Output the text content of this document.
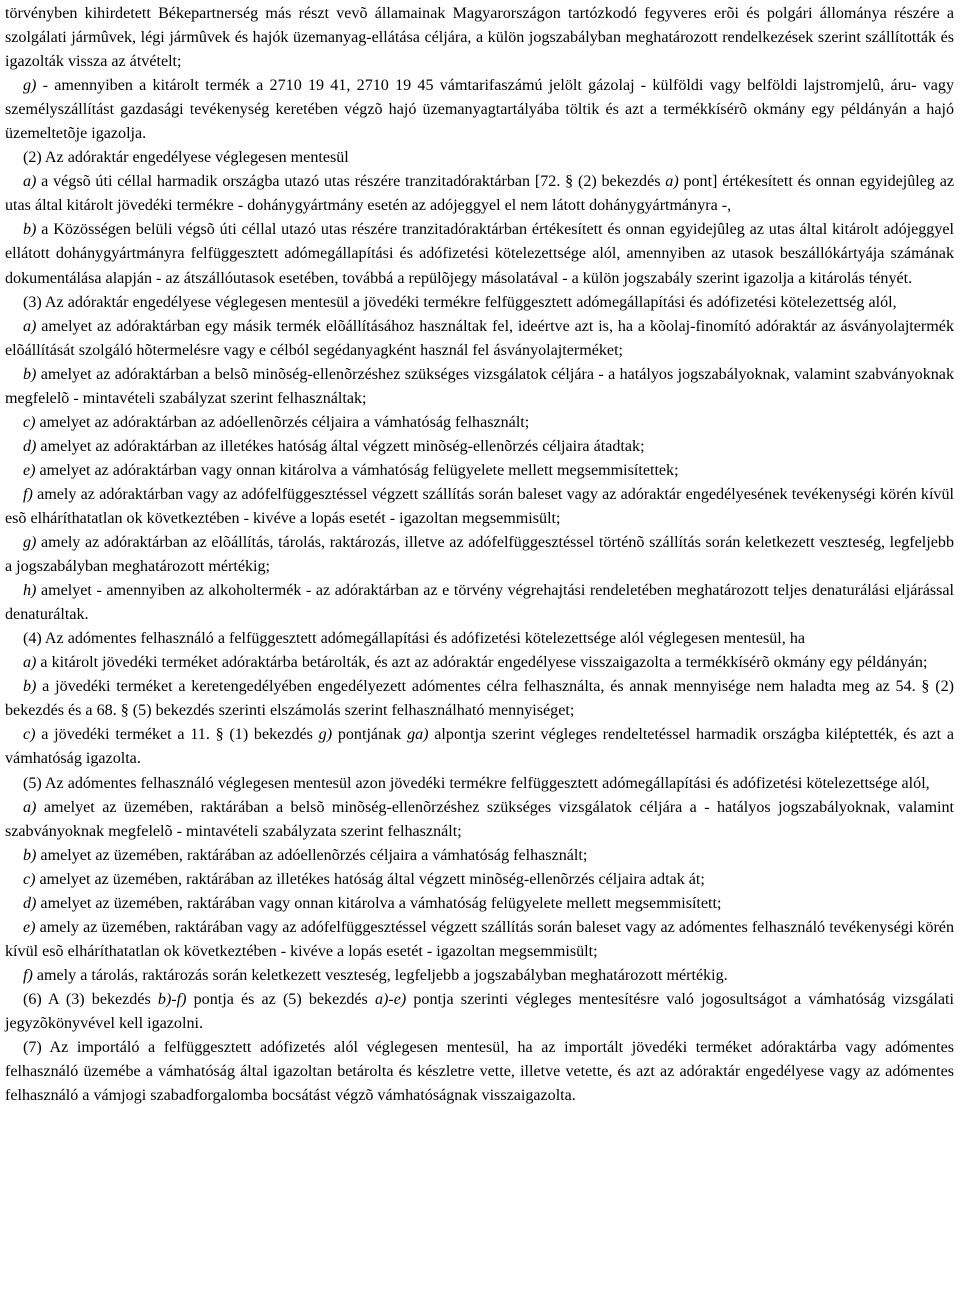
törvényben kihirdetett Békepartnerség más részt vevõ államainak Magyarországon tartózkodó fegyveres erõi és polgári állománya részére a szolgálati jármûvek, légi jármûvek és hajók üzemanyag-ellátása céljára, a külön jogszabályban meghatározott rendelkezések szerint szállították és igazolták vissza az átvételt;

g) - amennyiben a kitárolt termék a 2710 19 41, 2710 19 45 vámtarifaszámú jelölt gázolaj - külföldi vagy belföldi lajstromjelû, áru- vagy személyszállítást gazdasági tevékenység keretében végzõ hajó üzemanyagtartályába töltik és azt a termékkísérõ okmány egy példányán a hajó üzemeltetõje igazolja.

(2) Az adóraktár engedélyese véglegesen mentesül

a) a végsõ úti céllal harmadik országba utazó utas részére tranzitadóraktárban [72. § (2) bekezdés a) pont] értékesített és onnan egyidejûleg az utas által kitárolt jövedéki termékre - dohánygyártmány esetén az adójeggyel el nem látott dohánygyártmányra -,

b) a Közösségen belüli végsõ úti céllal utazó utas részére tranzitadóraktárban értékesített és onnan egyidejûleg az utas által kitárolt adójeggyel ellátott dohánygyártmányra felfüggesztett adómegállapítási és adófizetési kötelezettsége alól, amennyiben az utasok beszállókártyája számának dokumentálása alapján - az átszállóutasok esetében, továbbá a repülõjegy másolatával - a külön jogszabály szerint igazolja a kitárolás tényét.

(3) Az adóraktár engedélyese véglegesen mentesül a jövedéki termékre felfüggesztett adómegállapítási és adófizetési kötelezettség alól,

a) amelyet az adóraktárban egy másik termék elõállításához használtak fel, ideértve azt is, ha a kõolaj-finomító adóraktár az ásványolajtermék elõállítását szolgáló hõtermelésre vagy e célból segédanyagként használ fel ásványolajterméket;

b) amelyet az adóraktárban a belsõ minõség-ellenõrzéshez szükséges vizsgálatok céljára - a hatályos jogszabályoknak, valamint szabványoknak megfelelõ - mintavételi szabályzat szerint felhasználtak;

c) amelyet az adóraktárban az adóellenõrzés céljaira a vámhatóság felhasznált;

d) amelyet az adóraktárban az illetékes hatóság által végzett minõség-ellenõrzés céljaira átadtak;

e) amelyet az adóraktárban vagy onnan kitárolva a vámhatóság felügyelete mellett megsemmisítettek;

f) amely az adóraktárban vagy az adófelfüggesztéssel végzett szállítás során baleset vagy az adóraktár engedélyesének tevékenységi körén kívül esõ elháríthatatlan ok következtében - kivéve a lopás esetét - igazoltan megsemmisült;

g) amely az adóraktárban az elõállítás, tárolás, raktározás, illetve az adófelfüggesztéssel történõ szállítás során keletkezett veszteség, legfeljebb a jogszabályban meghatározott mértékig;

h) amelyet - amennyiben az alkoholtermék - az adóraktárban az e törvény végrehajtási rendeletében meghatározott teljes denaturálási eljárással denaturáltak.

(4) Az adómentes felhasználó a felfüggesztett adómegállapítási és adófizetési kötelezettsége alól véglegesen mentesül, ha

a) a kitárolt jövedéki terméket adóraktárba betárolták, és azt az adóraktár engedélyese visszaigazolta a termékkísérõ okmány egy példányán;

b) a jövedéki terméket a keretengedélyében engedélyezett adómentes célra felhasználta, és annak mennyisége nem haladta meg az 54. § (2) bekezdés és a 68. § (5) bekezdés szerinti elszámolás szerint felhasználható mennyiséget;

c) a jövedéki terméket a 11. § (1) bekezdés g) pontjának ga) alpontja szerint végleges rendeltetéssel harmadik országba kiléptették, és azt a vámhatóság igazolta.

(5) Az adómentes felhasználó véglegesen mentesül azon jövedéki termékre felfüggesztett adómegállapítási és adófizetési kötelezettsége alól,

a) amelyet az üzemében, raktárában a belsõ minõség-ellenõrzéshez szükséges vizsgálatok céljára a - hatályos jogszabályoknak, valamint szabványoknak megfelelõ - mintavételi szabályzata szerint felhasznált;

b) amelyet az üzemében, raktárában az adóellenõrzés céljaira a vámhatóság felhasznált;

c) amelyet az üzemében, raktárában az illetékes hatóság által végzett minõség-ellenõrzés céljaira adtak át;

d) amelyet az üzemében, raktárában vagy onnan kitárolva a vámhatóság felügyelete mellett megsemmisített;

e) amely az üzemében, raktárában vagy az adófelfüggesztéssel végzett szállítás során baleset vagy az adómentes felhasználó tevékenységi körén kívül esõ elháríthatatlan ok következtében - kivéve a lopás esetét - igazoltan megsemmisült;

f) amely a tárolás, raktározás során keletkezett veszteség, legfeljebb a jogszabályban meghatározott mértékig.

(6) A (3) bekezdés b)-f) pontja és az (5) bekezdés a)-e) pontja szerinti végleges mentesítésre való jogosultságot a vámhatóság vizsgálati jegyzõkönyvével kell igazolni.

(7) Az importáló a felfüggesztett adófizetés alól véglegesen mentesül, ha az importált jövedéki terméket adóraktárba vagy adómentes felhasználó üzemébe a vámhatóság által igazoltan betárolta és készletre vette, illetve vetette, és azt az adóraktár engedélyese vagy az adómentes felhasználó a vámjogi szabadforgalomba bocsátást végzõ vámhatóságnak visszaigazolta.
